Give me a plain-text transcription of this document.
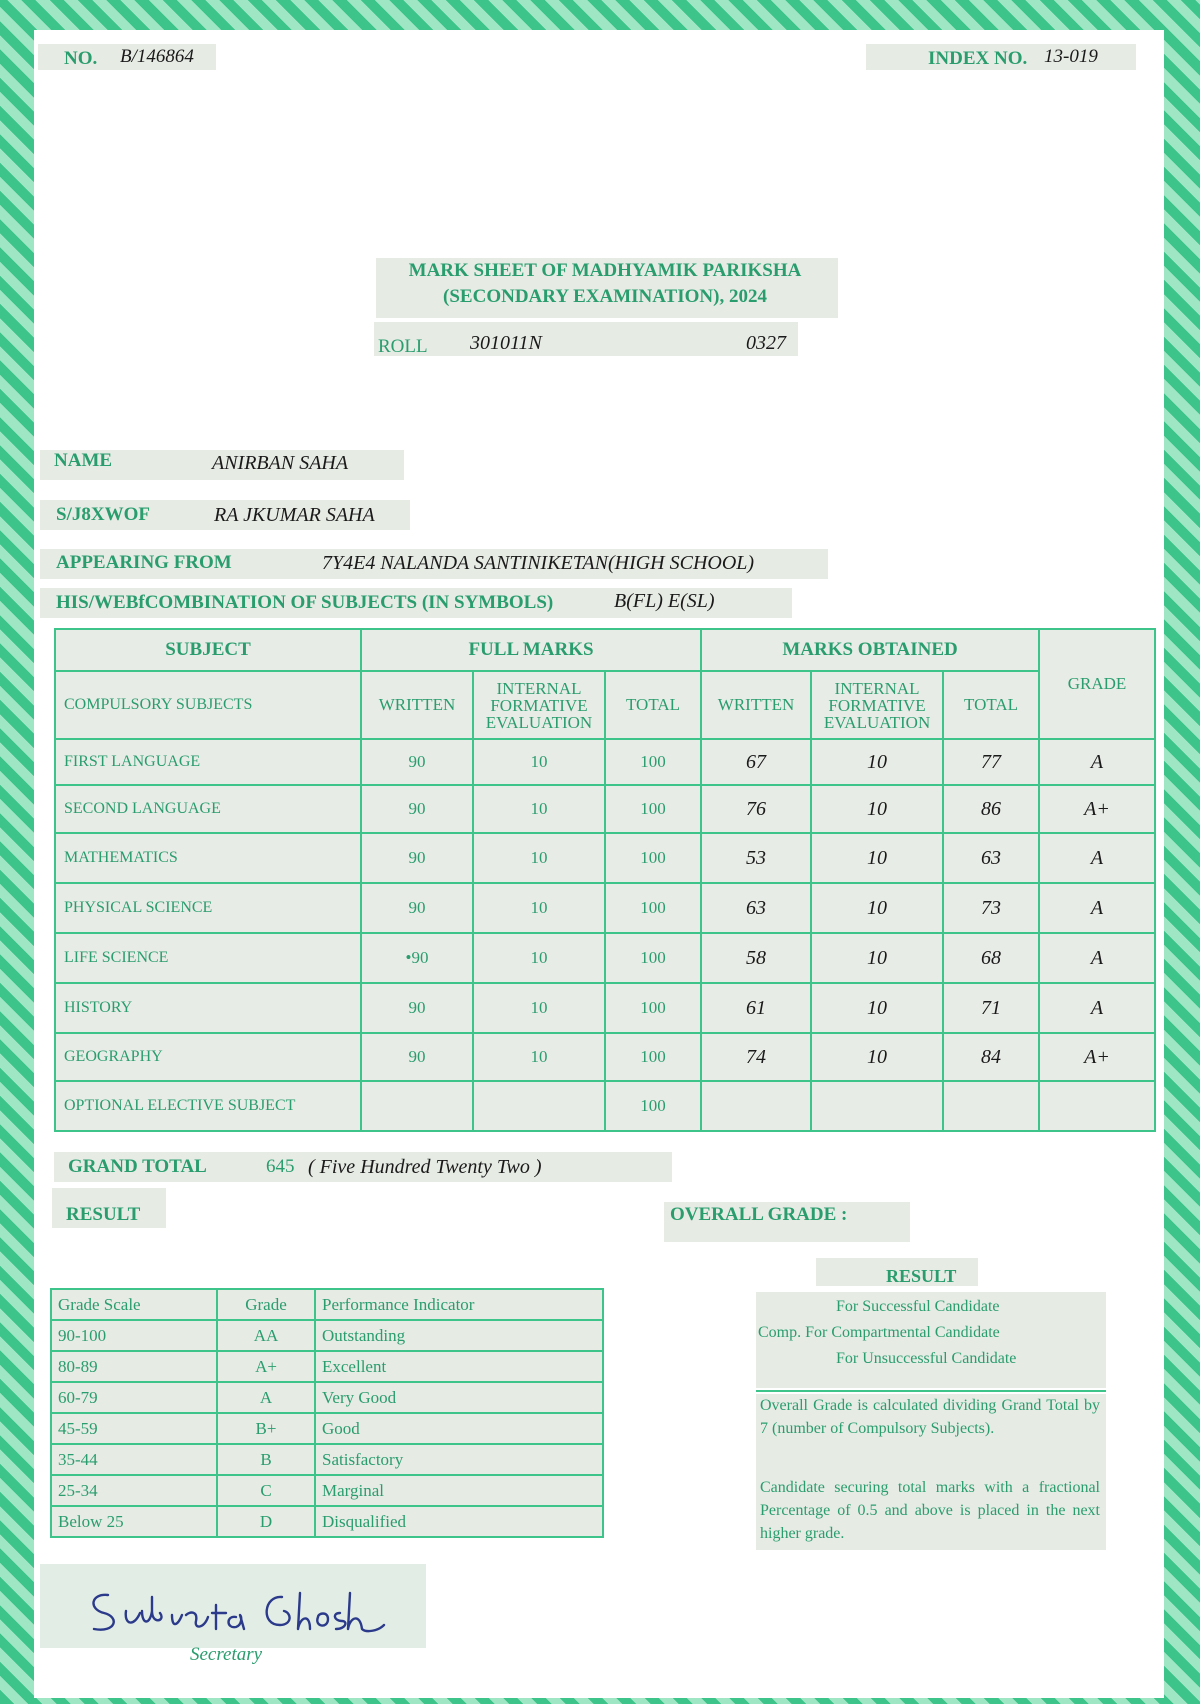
NO. B/146864	INDEX NO. 13-019
MARK SHEET OF MADHYAMIK PARIKSHA
(SECONDARY EXAMINATION), 2024
ROLL 301011N	0327
NAME	ANIRBAN SAHA
S/J8XWOF	RA JKUMAR SAHA
APPEARING FROM	7Y4E4 NALANDA SANTINIKETAN(HIGH SCHOOL)
HIS/WEBfCOMBINATION OF SUBJECTS (IN SYMBOLS)	B(FL) E(SL)
SUBJECT	FULL MARKS			MARKS OBTAINED			GRADE
COMPULSORY SUBJECTS	WRITTEN	INTERNAL FORMATIVE EVALUATION	TOTAL	WRITTEN	INTERNAL FORMATIVE EVALUATION	TOTAL	
FIRST LANGUAGE	90	10	100	67	10	77	A
SECOND LANGUAGE	90	10	100	76	10	86	A+
MATHEMATICS	90	10	100	53	10	63	A
PHYSICAL SCIENCE	90	10	100	63	10	73	A
LIFE SCIENCE	•90	10	100	58	10	68	A
HISTORY	90	10	100	61	10	71	A
GEOGRAPHY	90	10	100	74	10	84	A+
OPTIONAL ELECTIVE SUBJECT			100				
GRAND TOTAL	645 ( Five Hundred Twenty Two )
RESULT	OVERALL GRADE :
Grade Scale	Grade	Performance Indicator
90-100	AA	Outstanding
80-89	A+	Excellent
60-79	A	Very Good
45-59	B+	Good
35-44	B	Satisfactory
25-34	C	Marginal
Below 25	D	Disqualified
RESULT
For Successful Candidate
Comp. For Compartmental Candidate
For Unsuccessful Candidate
Overall Grade is calculated dividing Grand Total by 7 (number of Compulsory Subjects).
Candidate securing total marks with a fractional Percentage of 0.5 and above is placed in the next higher grade.
Secretary
